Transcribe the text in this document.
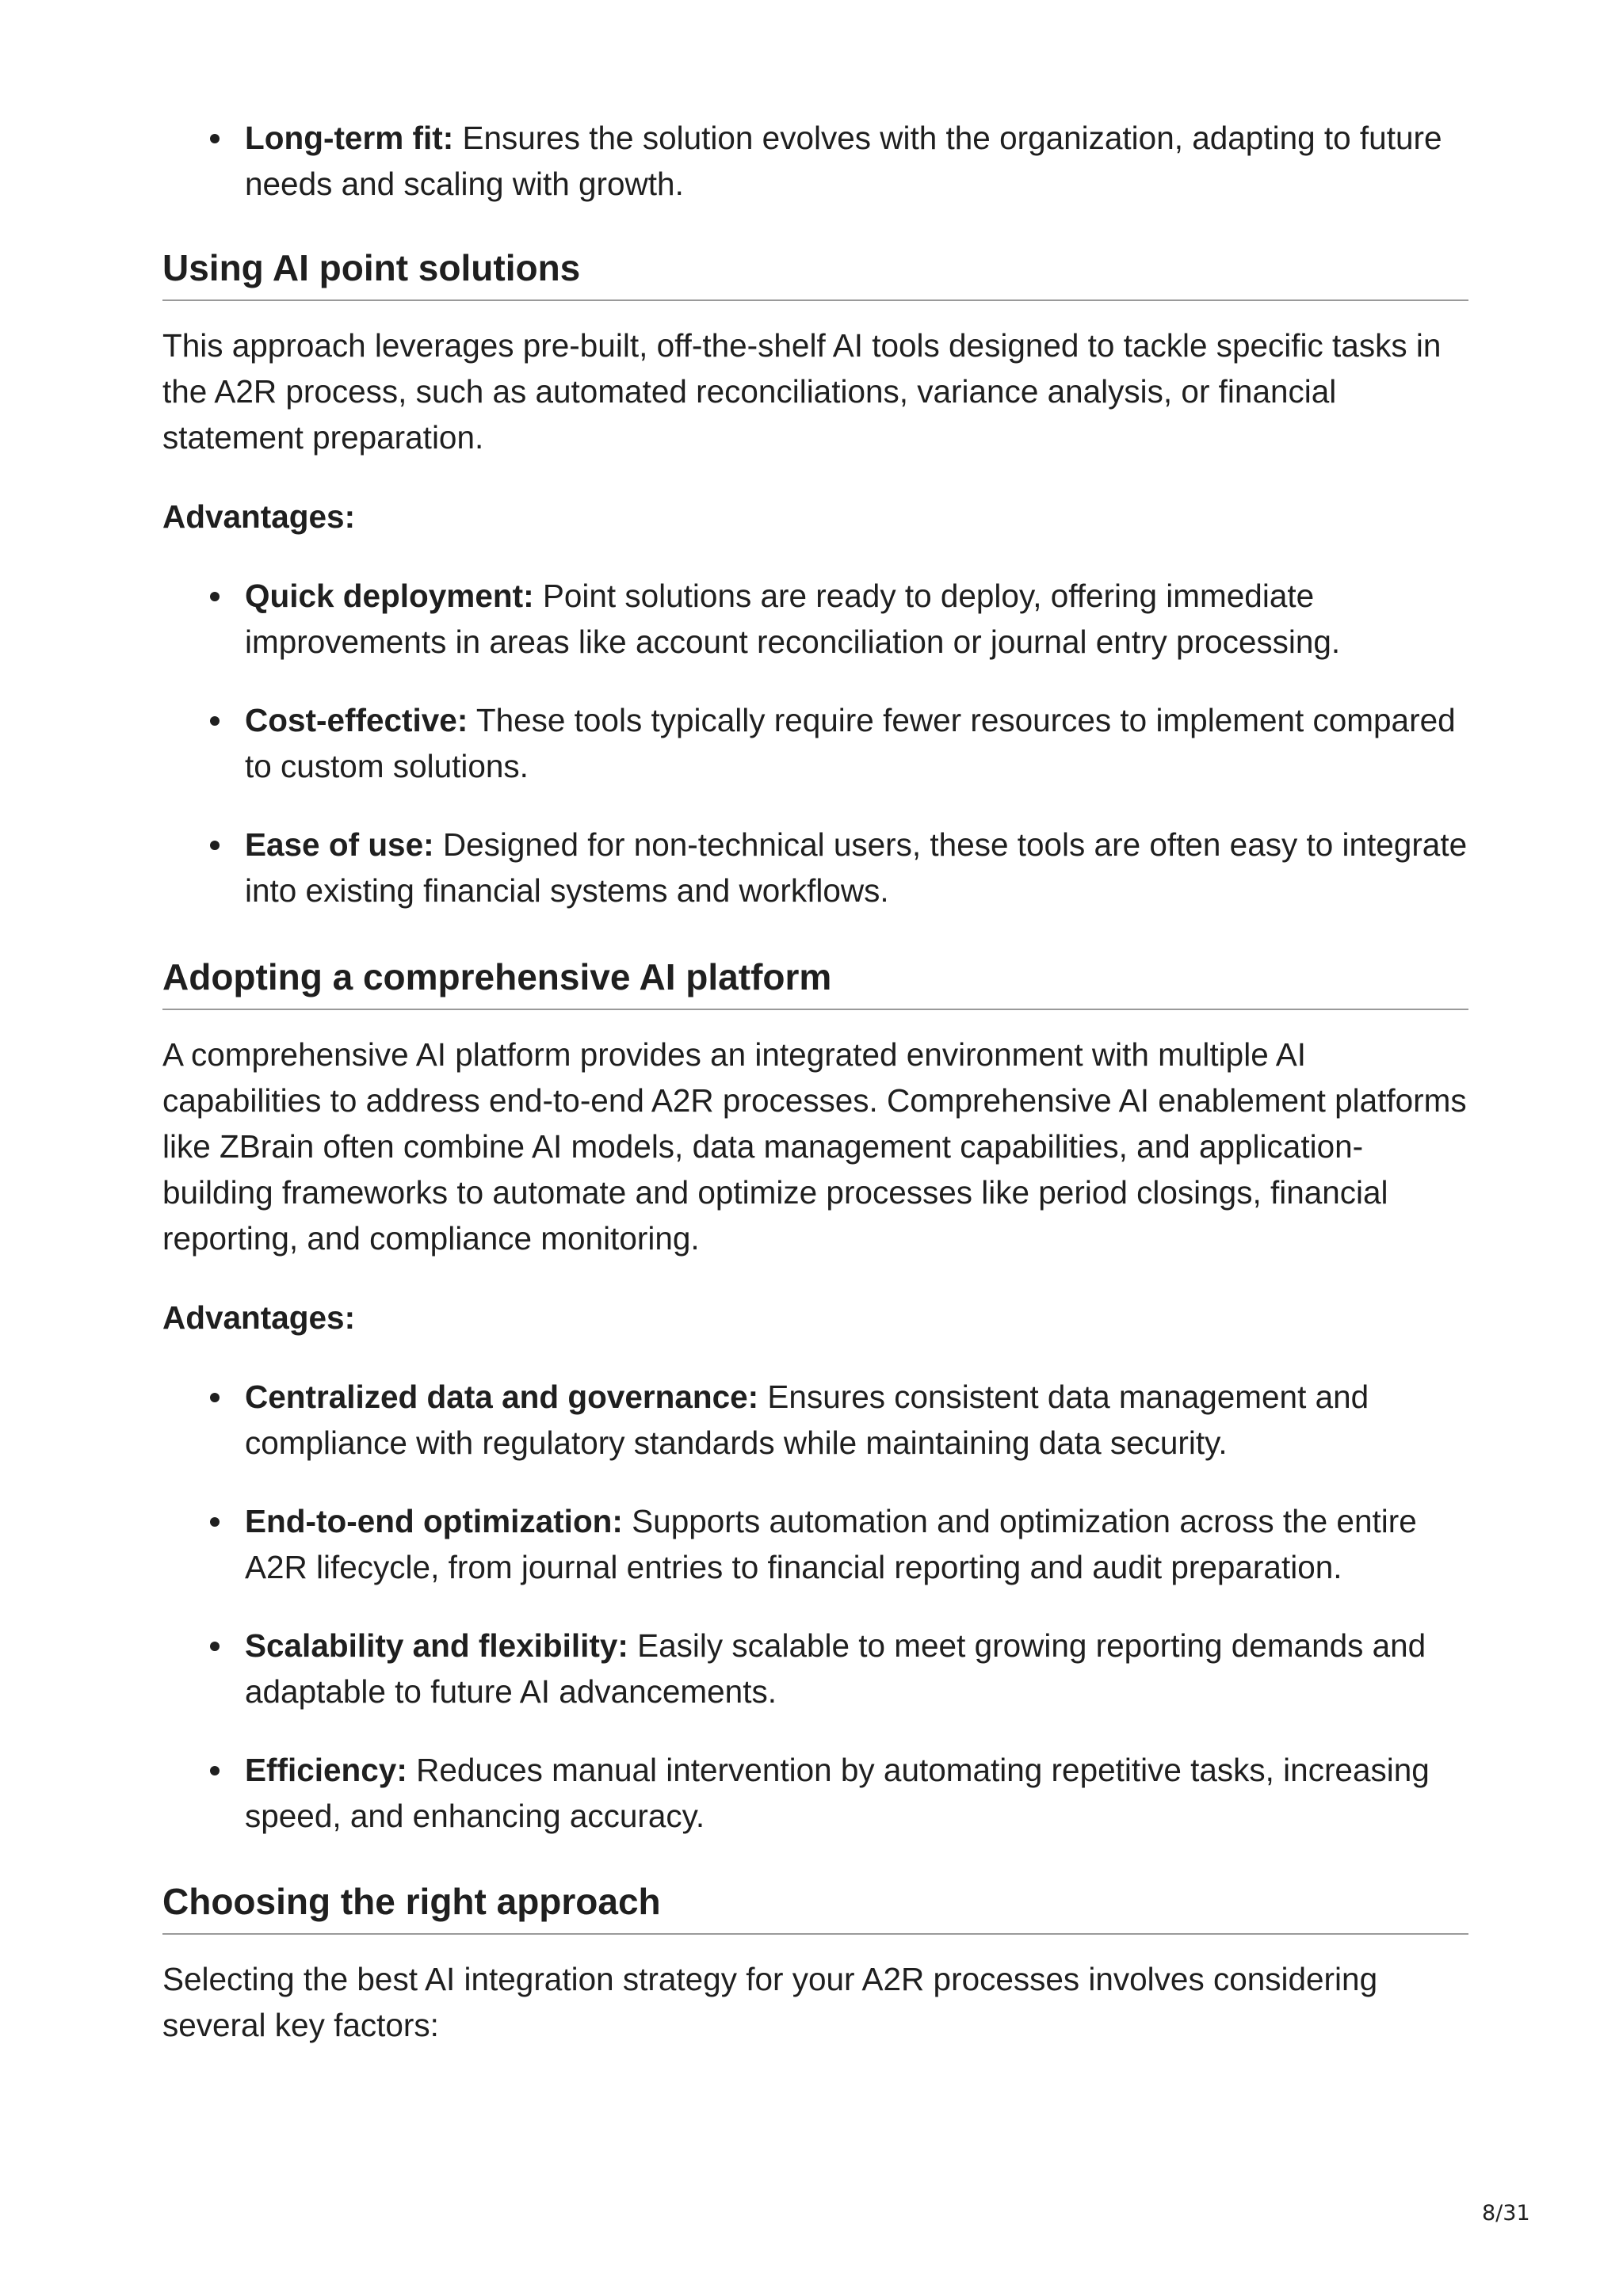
Long-term fit: Ensures the solution evolves with the organization, adapting to future needs and scaling with growth.
Using AI point solutions

This approach leverages pre-built, off-the-shelf AI tools designed to tackle specific tasks in the A2R process, such as automated reconciliations, variance analysis, or financial statement preparation.

Advantages:

Quick deployment: Point solutions are ready to deploy, offering immediate improvements in areas like account reconciliation or journal entry processing.
Cost-effective: These tools typically require fewer resources to implement compared to custom solutions.
Ease of use: Designed for non-technical users, these tools are often easy to integrate into existing financial systems and workflows.
Adopting a comprehensive AI platform

A comprehensive AI platform provides an integrated environment with multiple AI capabilities to address end-to-end A2R processes. Comprehensive AI enablement platforms like ZBrain often combine AI models, data management capabilities, and application-building frameworks to automate and optimize processes like period closings, financial reporting, and compliance monitoring.

Advantages:

Centralized data and governance: Ensures consistent data management and compliance with regulatory standards while maintaining data security.
End-to-end optimization: Supports automation and optimization across the entire A2R lifecycle, from journal entries to financial reporting and audit preparation.
Scalability and flexibility: Easily scalable to meet growing reporting demands and adaptable to future AI advancements.
Efficiency: Reduces manual intervention by automating repetitive tasks, increasing speed, and enhancing accuracy.
Choosing the right approach

Selecting the best AI integration strategy for your A2R processes involves considering several key factors:

8/31
